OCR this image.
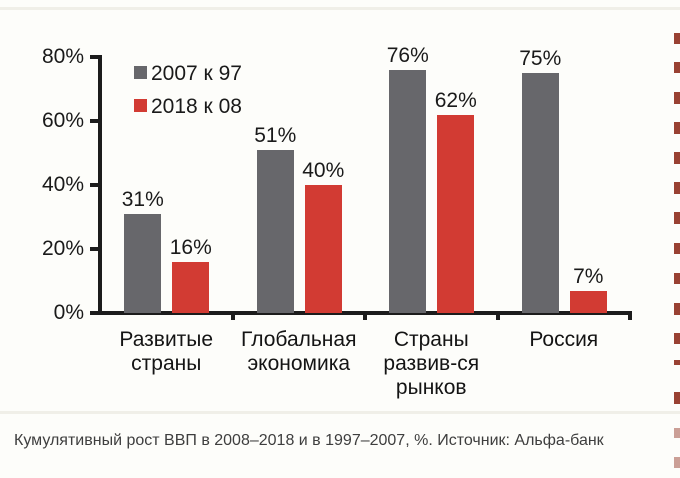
0%
20%
40%
60%
80%
31%
51%
76%	75%
16%
40%
62%
7%
Развитые
страны
Глобальная
экономика
Страны
развив-ся
рынков
Россия
2007 к 97
2018 к 08
Кумулятивный рост ВВП в 2008–2018 и в 1997–2007, %. Источник: Альфа-банк
